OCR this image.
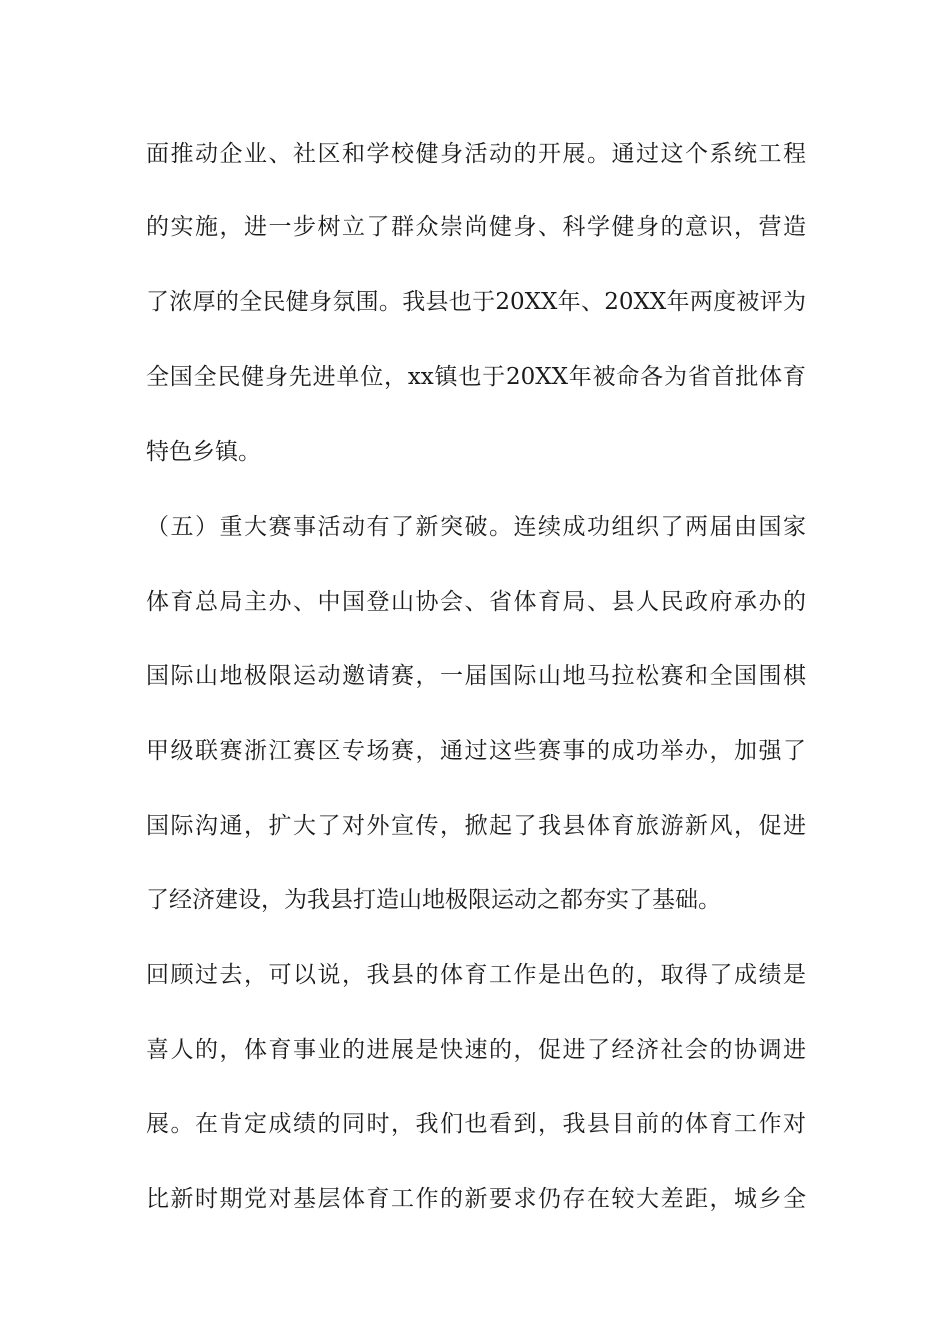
面推动企业、社区和学校健身活动的开展。通过这个系统工程
的实施，进一步树立了群众崇尚健身、科学健身的意识，营造
了浓厚的全民健身氛围。我县也于20XX年、20XX年两度被评为
全国全民健身先进单位，xx镇也于20XX年被命各为省首批体育
特色乡镇。
（五）重大赛事活动有了新突破。连续成功组织了两届由国家
体育总局主办、中国登山协会、省体育局、县人民政府承办的
国际山地极限运动邀请赛，一届国际山地马拉松赛和全国围棋
甲级联赛浙江赛区专场赛，通过这些赛事的成功举办，加强了
国际沟通，扩大了对外宣传，掀起了我县体育旅游新风，促进
了经济建设，为我县打造山地极限运动之都夯实了基础。
回顾过去，可以说，我县的体育工作是出色的，取得了成绩是
喜人的，体育事业的进展是快速的，促进了经济社会的协调进
展。在肯定成绩的同时，我们也看到，我县目前的体育工作对
比新时期党对基层体育工作的新要求仍存在较大差距，城乡全
